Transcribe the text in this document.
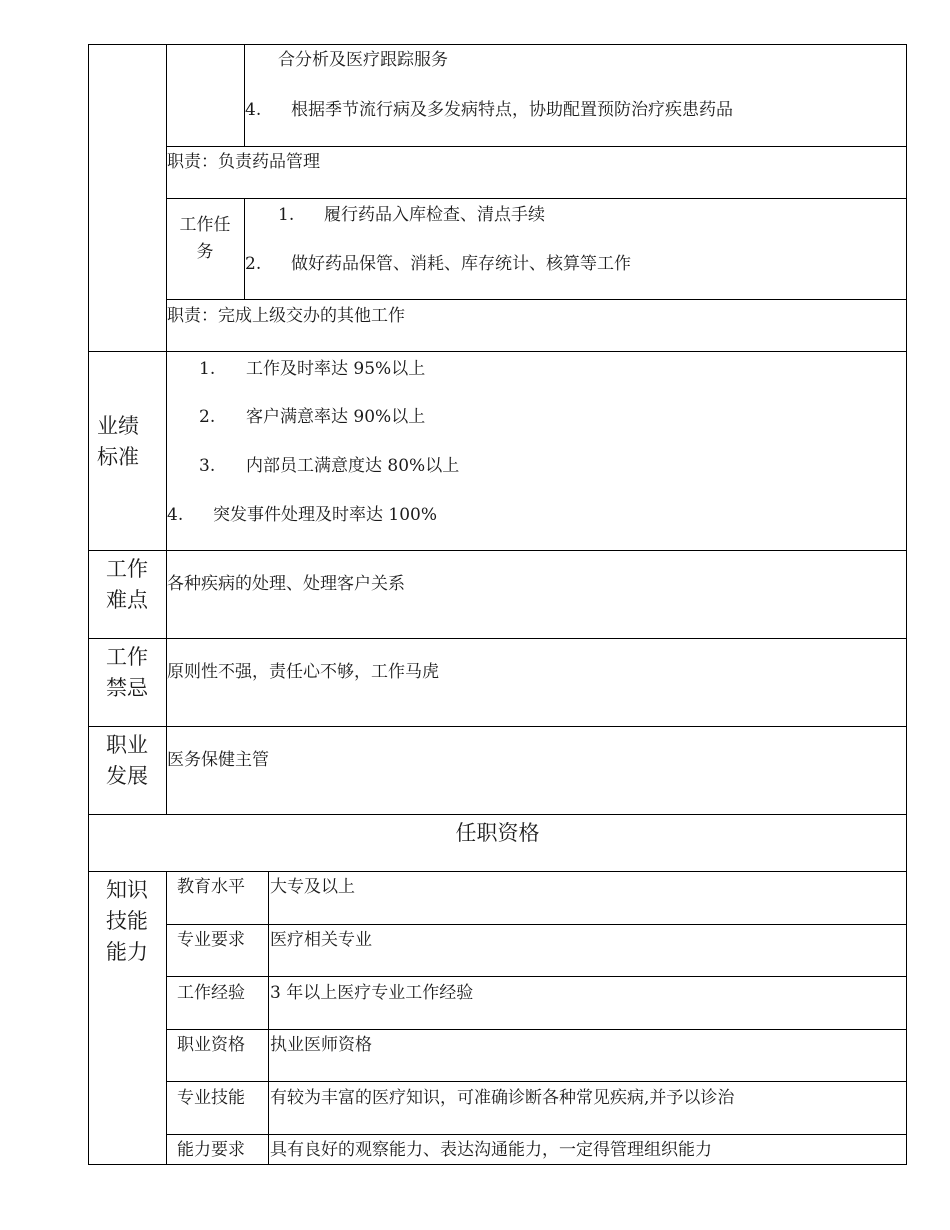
合分析及医疗跟踪服务
4. 根据季节流行病及多发病特点，协助配置预防治疗疾患药品
职责：负责药品管理
工作任
务
1. 履行药品入库检查、清点手续
2. 做好药品保管、消耗、库存统计、核算等工作
职责：完成上级交办的其他工作
业绩
标准
1. 工作及时率达 95%以上
2. 客户满意率达 90%以上
3. 内部员工满意度达 80%以上
4. 突发事件处理及时率达 100%
工作
难点
各种疾病的处理、处理客户关系
工作
禁忌
原则性不强，责任心不够，工作马虎
职业
发展
医务保健主管
任职资格
知识
技能
能力
教育水平 大专及以上
专业要求 医疗相关专业
工作经验 3 年以上医疗专业工作经验
职业资格 执业医师资格
专业技能 有较为丰富的医疗知识，可准确诊断各种常见疾病,并予以诊治
能力要求 具有良好的观察能力、表达沟通能力，一定得管理组织能力
